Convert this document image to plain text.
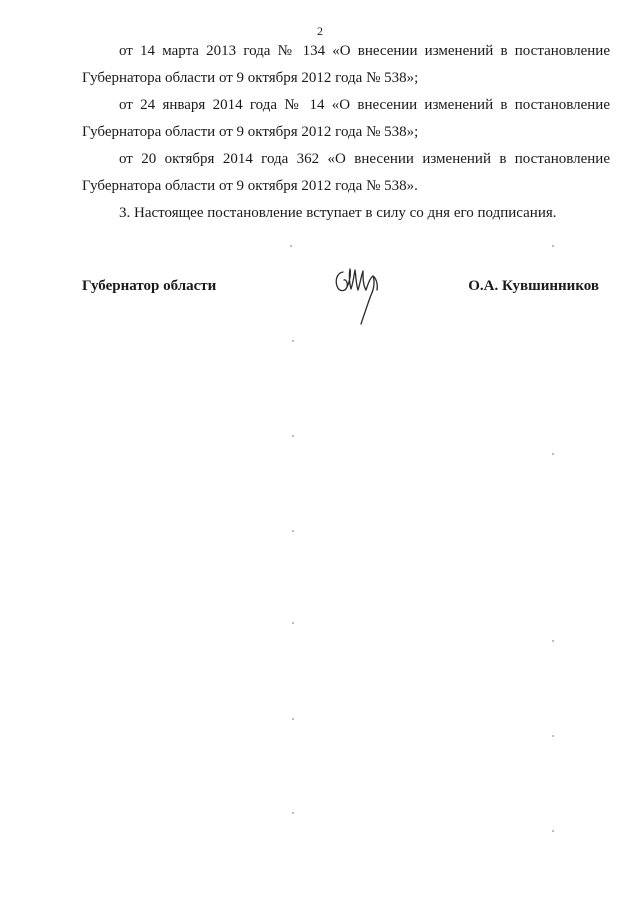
2

от 14 марта 2013 года № 134 «О внесении изменений в постановление Губернатора области от 9 октября 2012 года № 538»;

от 24 января 2014 года № 14 «О внесении изменений в постановление Губернатора области от 9 октября 2012 года № 538»;

от 20 октября 2014 года 362 «О внесении изменений в постановление Губернатора области от 9 октября 2012 года № 538».

3. Настоящее постановление вступает в силу со дня его подписания.

Губернатор области	О.А. Кувшинников
